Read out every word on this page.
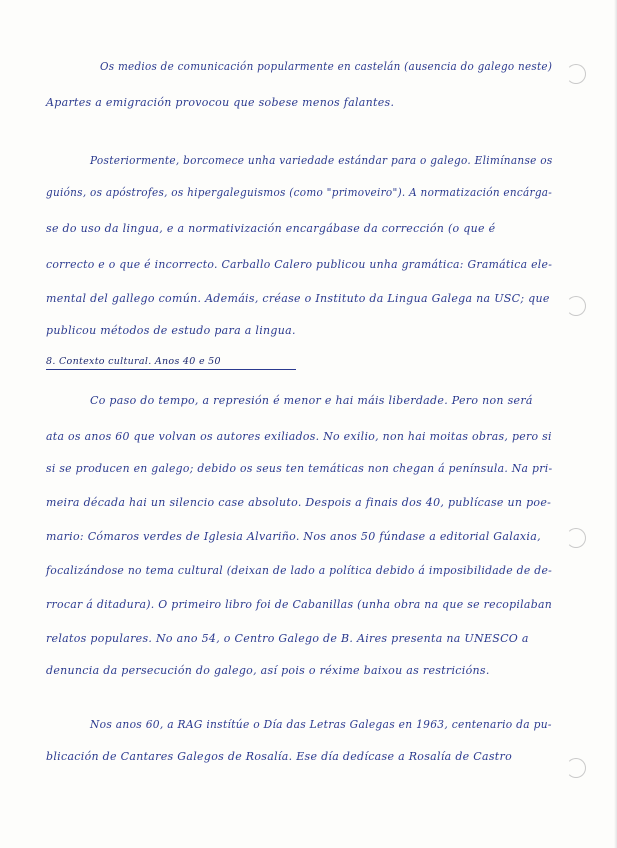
Os medios de comunicación popularmente en castelán (ausencia do galego neste)
Apartes a emigración provocou que sobese menos falantes.
Posteriormente, borcomece unha variedade estándar para o galego. Elimínanse os
guións, os apóstrofes, os hipergaleguismos (como "primoveiro"). A normatización encárga-
se do uso da lingua, e a normativización encargábase da corrección (o que é
correcto e o que é incorrecto. Carballo Calero publicou unha gramática: Gramática ele-
mental del gallego común. Ademáis, créase o Instituto da Lingua Galega na USC; que
publicou métodos de estudo para a lingua.
8. Contexto cultural. Anos 40 e 50
Co paso do tempo, a represión é menor e hai máis liberdade. Pero non será
ata os anos 60 que volvan os autores exiliados. No exilio, non hai moitas obras, pero si
si se producen en galego; debido os seus ten temáticas non chegan á península. Na pri-
meira década hai un silencio case absoluto. Despois a finais dos 40, publícase un poe-
mario: Cómaros verdes de Iglesia Alvariño. Nos anos 50 fúndase a editorial Galaxia,
focalizándose no tema cultural (deixan de lado a política debido á imposibilidade de de-
rrocar á ditadura). O primeiro libro foi de Cabanillas (unha obra na que se recopilaban
relatos populares. No ano 54, o Centro Galego de B. Aires presenta na UNESCO a
denuncia da persecución do galego, así pois o réxime baixou as restricións.
Nos anos 60, a RAG instítúe o Día das Letras Galegas en 1963, centenario da pu-
blicación de Cantares Galegos de Rosalía. Ese día dedícase a Rosalía de Castro
